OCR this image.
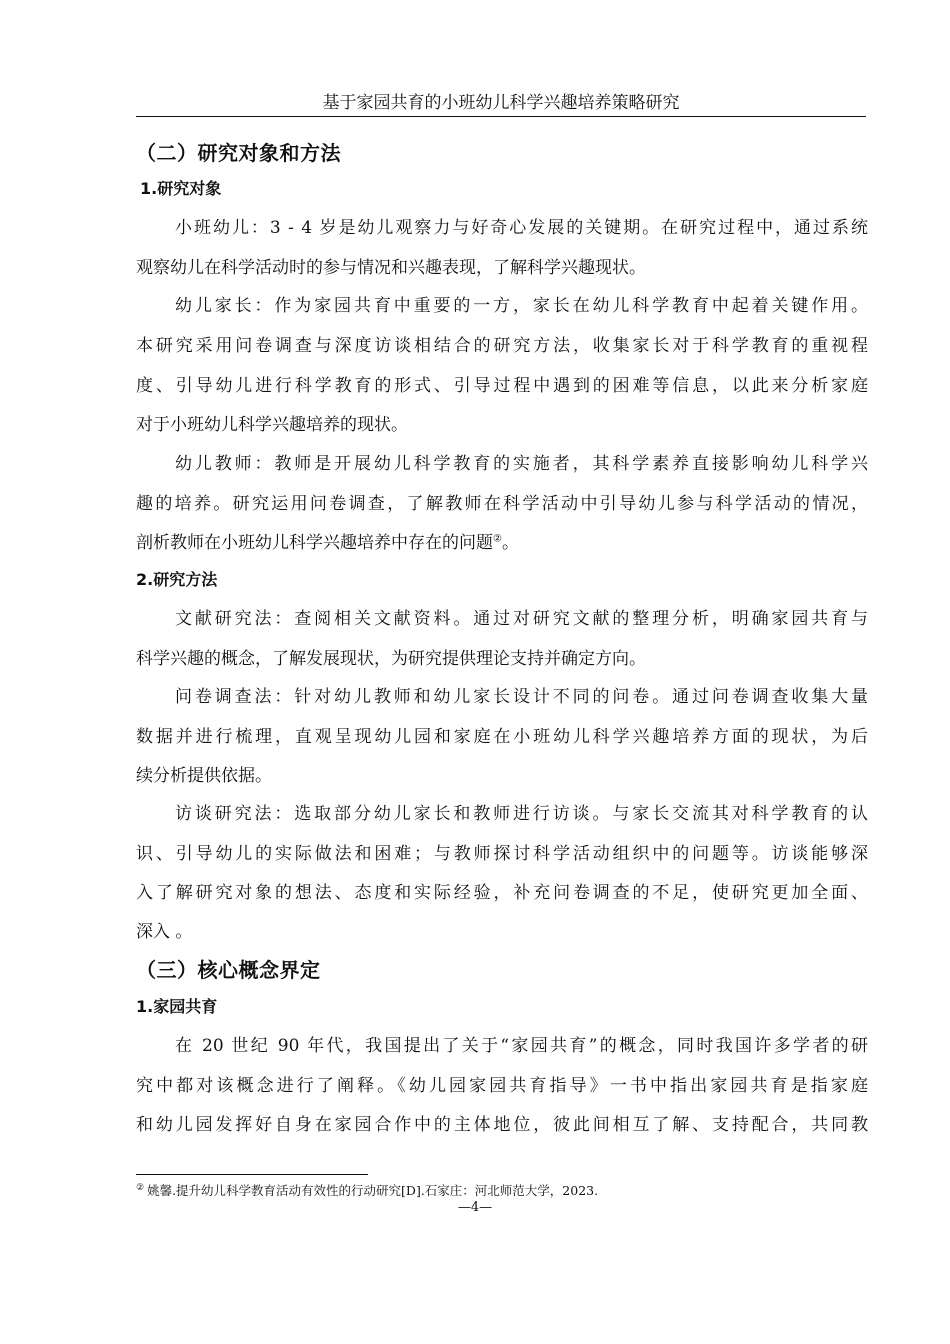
基于家园共育的小班幼儿科学兴趣培养策略研究
（二）研究对象和方法
1.研究对象
小班幼儿：3 - 4 岁是幼儿观察力与好奇心发展的关键期。在研究过程中，通过系统
观察幼儿在科学活动时的参与情况和兴趣表现，了解科学兴趣现状。
幼儿家长：作为家园共育中重要的一方，家长在幼儿科学教育中起着关键作用。
本研究采用问卷调查与深度访谈相结合的研究方法，收集家长对于科学教育的重视程
度、引导幼儿进行科学教育的形式、引导过程中遇到的困难等信息，以此来分析家庭
对于小班幼儿科学兴趣培养的现状。
幼儿教师：教师是开展幼儿科学教育的实施者，其科学素养直接影响幼儿科学兴
趣的培养。研究运用问卷调查，了解教师在科学活动中引导幼儿参与科学活动的情况，
剖析教师在小班幼儿科学兴趣培养中存在的问题②。
2.研究方法
文献研究法：查阅相关文献资料。通过对研究文献的整理分析，明确家园共育与
科学兴趣的概念，了解发展现状，为研究提供理论支持并确定方向。
问卷调查法：针对幼儿教师和幼儿家长设计不同的问卷。通过问卷调查收集大量
数据并进行梳理，直观呈现幼儿园和家庭在小班幼儿科学兴趣培养方面的现状，为后
续分析提供依据。
访谈研究法：选取部分幼儿家长和教师进行访谈。与家长交流其对科学教育的认
识、引导幼儿的实际做法和困难；与教师探讨科学活动组织中的问题等。访谈能够深
入了解研究对象的想法、态度和实际经验，补充问卷调查的不足，使研究更加全面、
深入 。
（三）核心概念界定
1.家园共育
在 20 世纪 90 年代，我国提出了关于“家园共育”的概念，同时我国许多学者的研
究中都对该概念进行了阐释。《幼儿园家园共育指导》一书中指出家园共育是指家庭
和幼儿园发挥好自身在家园合作中的主体地位，彼此间相互了解、支持配合，共同教
② 姚馨.提升幼儿科学教育活动有效性的行动研究[D].石家庄：河北师范大学，2023.
—4—
